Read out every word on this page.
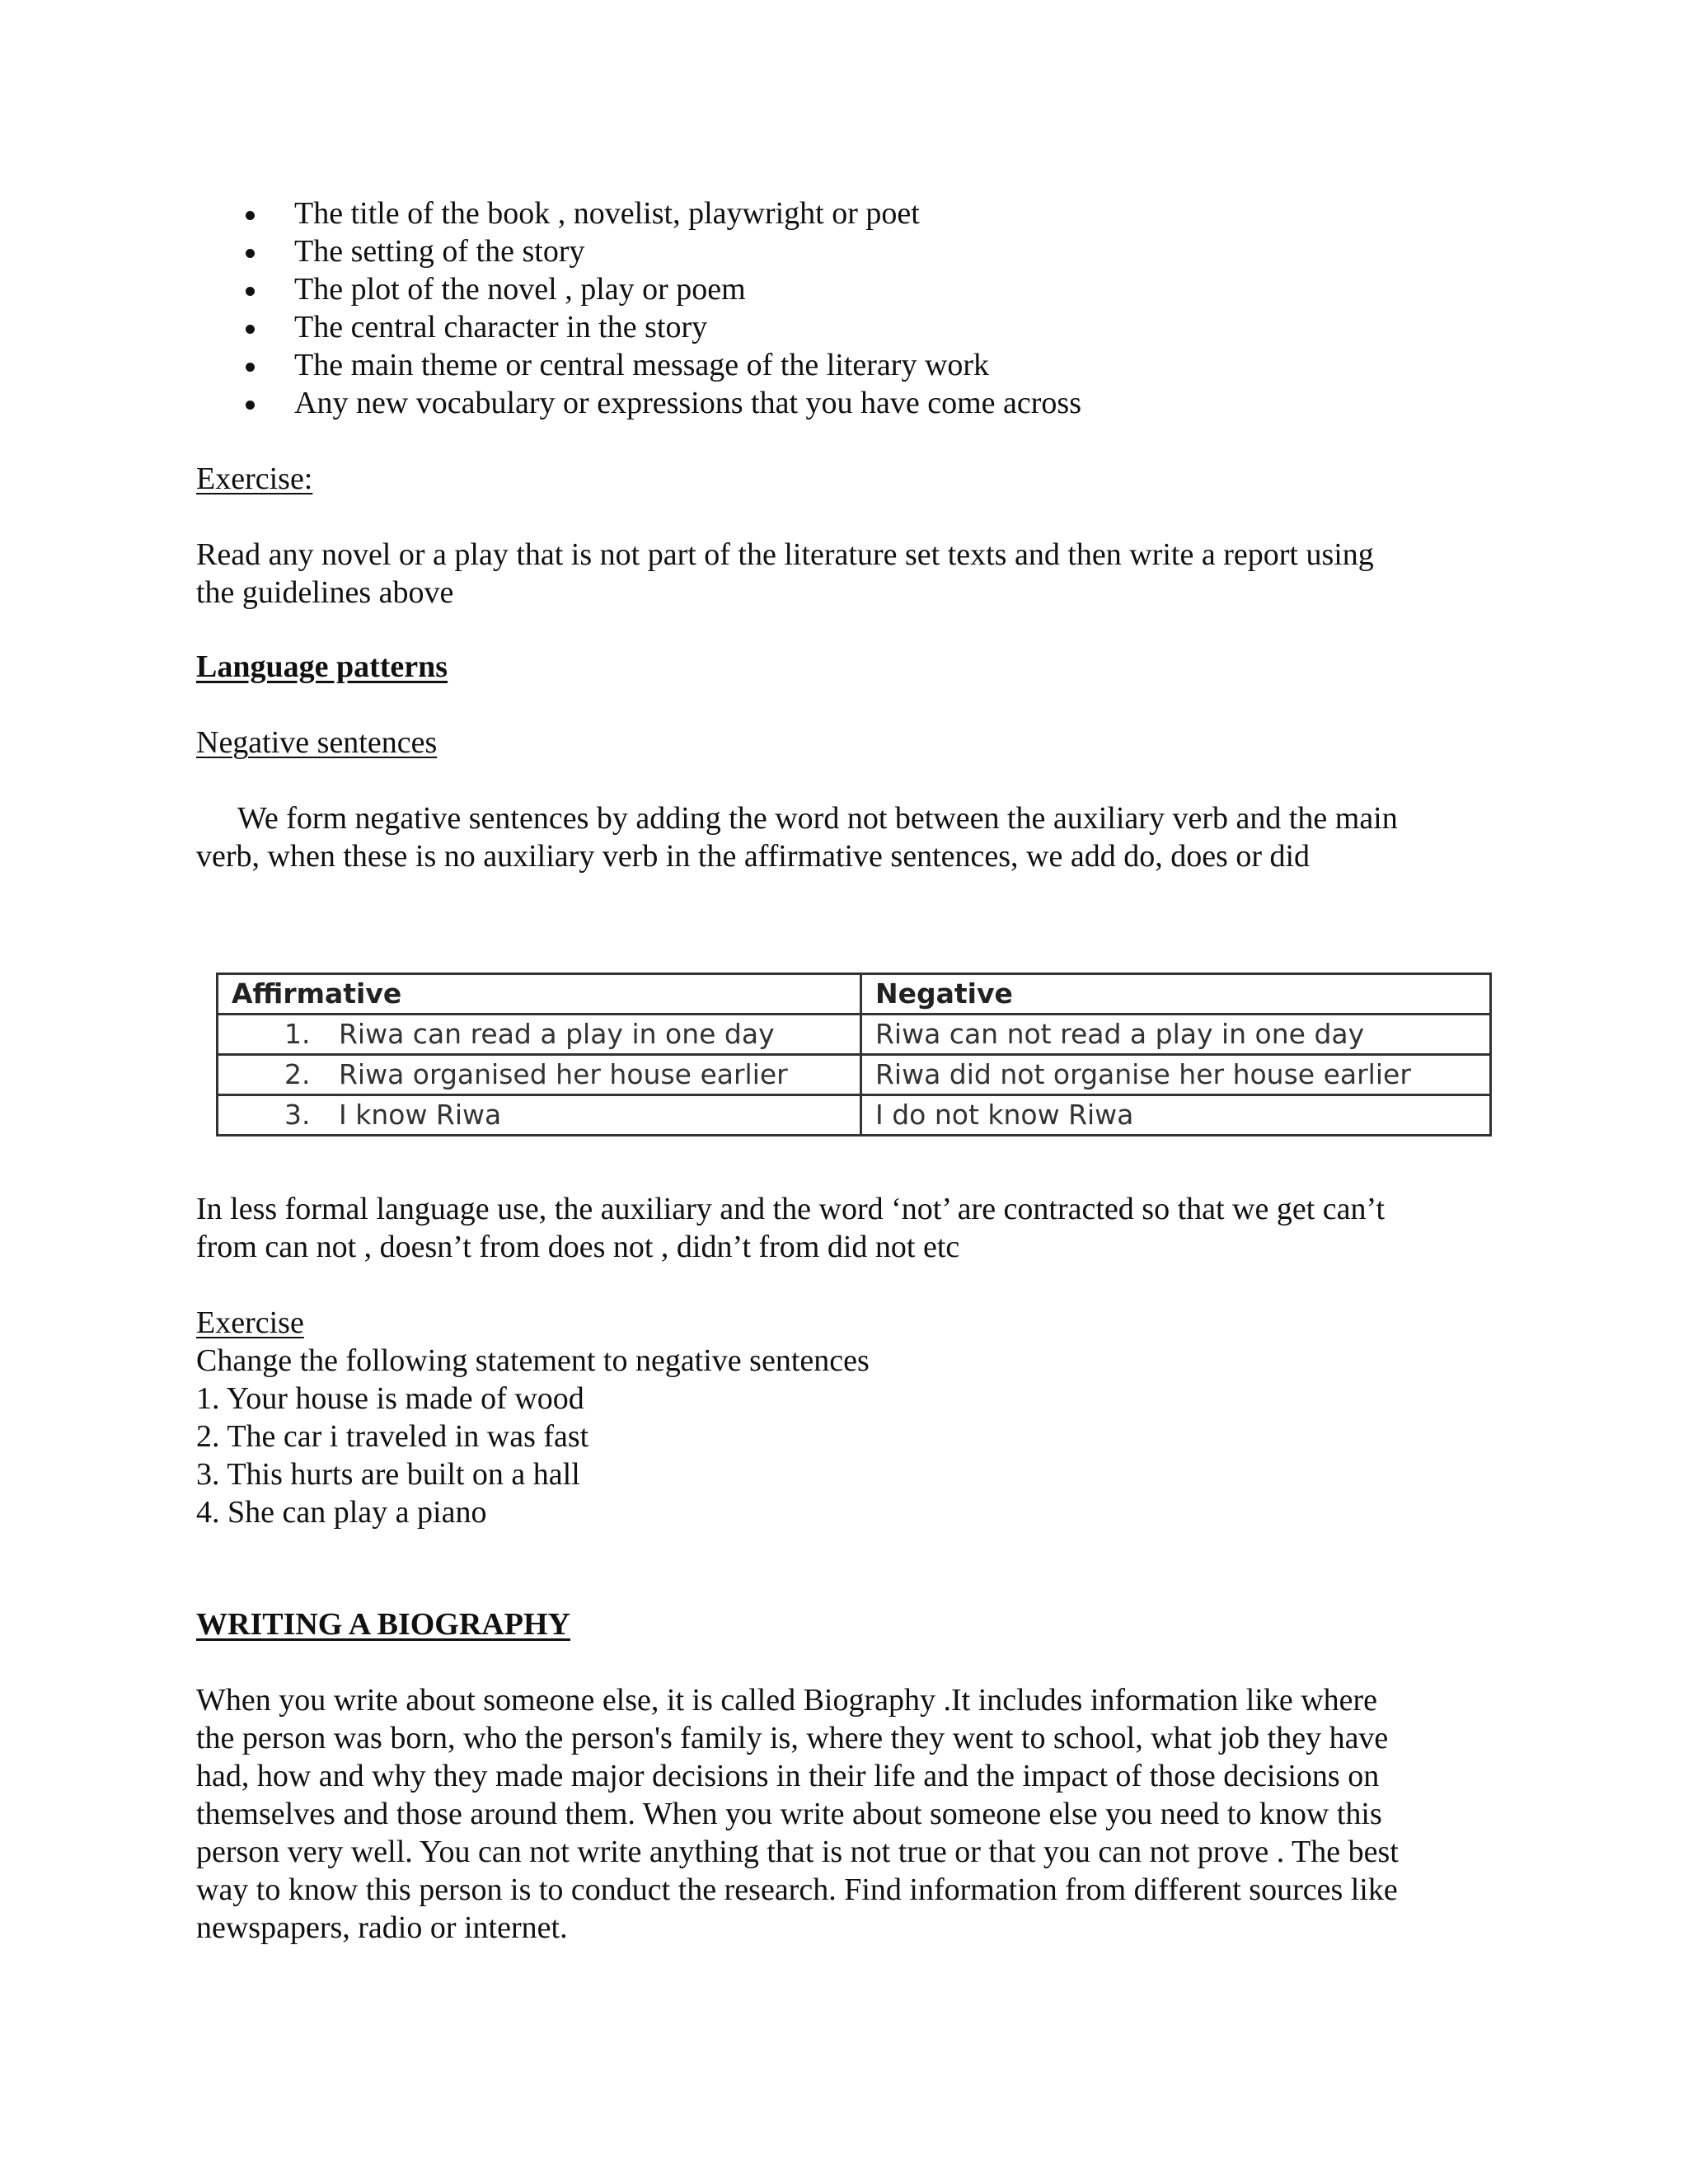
The title of the book , novelist, playwright or poet
The setting of the story
The plot of the novel , play or poem
The central character in the story
The main theme or central message of the literary work
Any new vocabulary or expressions that you have come across

Exercise:

Read any novel or a play that is not part of the literature set texts and then write a report using

the guidelines above

Language patterns

Negative sentences

We form negative sentences by adding the word not between the auxiliary verb and the main

verb, when these is no auxiliary verb in the affirmative sentences, we add do, does or did

Affirmative	Negative
1. Riwa can read a play in one day	Riwa can not read a play in one day
2. Riwa organised her house earlier	Riwa did not organise her house earlier
3. I know Riwa	I do not know Riwa

In less formal language use, the auxiliary and the word ‘not’ are contracted so that we get can’t

from can not , doesn’t from does not , didn’t from did not etc

Exercise

Change the following statement to negative sentences

1. Your house is made of wood

2. The car i traveled in was fast

3. This hurts are built on a hall

4. She can play a piano

WRITING A BIOGRAPHY

When you write about someone else, it is called Biography .It includes information like where

the person was born, who the person's family is, where they went to school, what job they have

had, how and why they made major decisions in their life and the impact of those decisions on

themselves and those around them. When you write about someone else you need to know this

person very well. You can not write anything that is not true or that you can not prove . The best

way to know this person is to conduct the research. Find information from different sources like

newspapers, radio or internet.
